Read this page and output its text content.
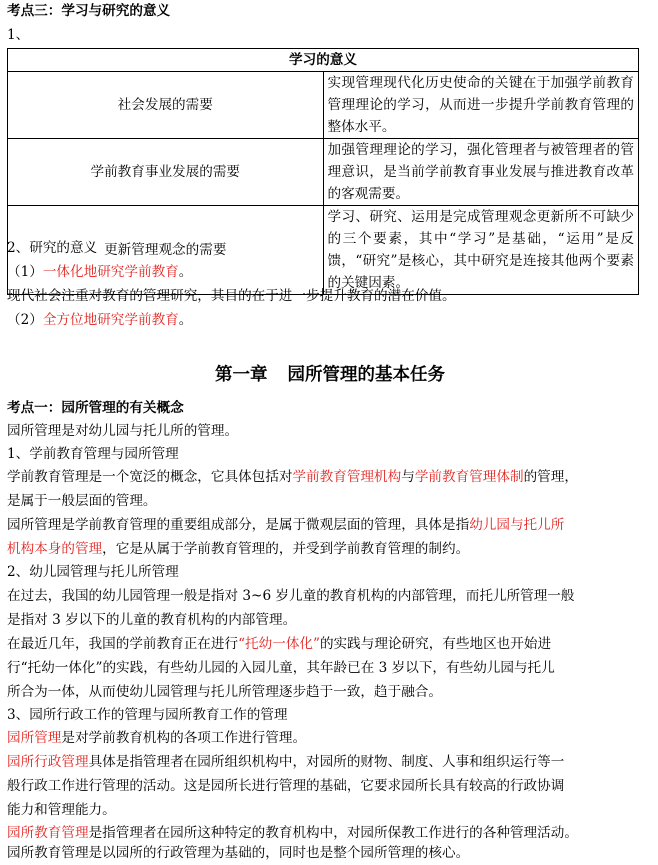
考点三：学习与研究的意义
1、
学习的意义	
社会发展的需要	实现管理现代化历史使命的关键在于加强学前教育管理理论的学习，从而进一步提升学前教育管理的整体水平。
学前教育事业发展的需要	加强管理理论的学习，强化管理者与被管理者的管理意识，是当前学前教育事业发展与推进教育改革的客观需要。
更新管理观念的需要	学习、研究、运用是完成管理观念更新所不可缺少的三个要素，其中“学习”是基础，“运用”是反馈，“研究”是核心，其中研究是连接其他两个要素的关键因素。
2、研究的意义
（1）一体化地研究学前教育。
现代社会注重对教育的管理研究，其目的在于进一步提升教育的潜在价值。
（2）全方位地研究学前教育。
第一章 园所管理的基本任务
考点一：园所管理的有关概念
园所管理是对幼儿园与托儿所的管理。
1、学前教育管理与园所管理
学前教育管理是一个宽泛的概念，它具体包括对学前教育管理机构与学前教育管理体制的管理，
是属于一般层面的管理。
园所管理是学前教育管理的重要组成部分，是属于微观层面的管理，具体是指幼儿园与托儿所
机构本身的管理，它是从属于学前教育管理的，并受到学前教育管理的制约。
2、幼儿园管理与托儿所管理
在过去，我国的幼儿园管理一般是指对 3~6 岁儿童的教育机构的内部管理，而托儿所管理一般
是指对 3 岁以下的儿童的教育机构的内部管理。
在最近几年，我国的学前教育正在进行“托幼一体化”的实践与理论研究，有些地区也开始进
行“托幼一体化”的实践，有些幼儿园的入园儿童，其年龄已在 3 岁以下，有些幼儿园与托儿
所合为一体，从而使幼儿园管理与托儿所管理逐步趋于一致，趋于融合。
3、园所行政工作的管理与园所教育工作的管理
园所管理是对学前教育机构的各项工作进行管理。
园所行政管理具体是指管理者在园所组织机构中，对园所的财物、制度、人事和组织运行等一
般行政工作进行管理的活动。这是园所长进行管理的基础，它要求园所长具有较高的行政协调
能力和管理能力。
园所教育管理是指管理者在园所这种特定的教育机构中，对园所保教工作进行的各种管理活动。
园所教育管理是以园所的行政管理为基础的，同时也是整个园所管理的核心。
